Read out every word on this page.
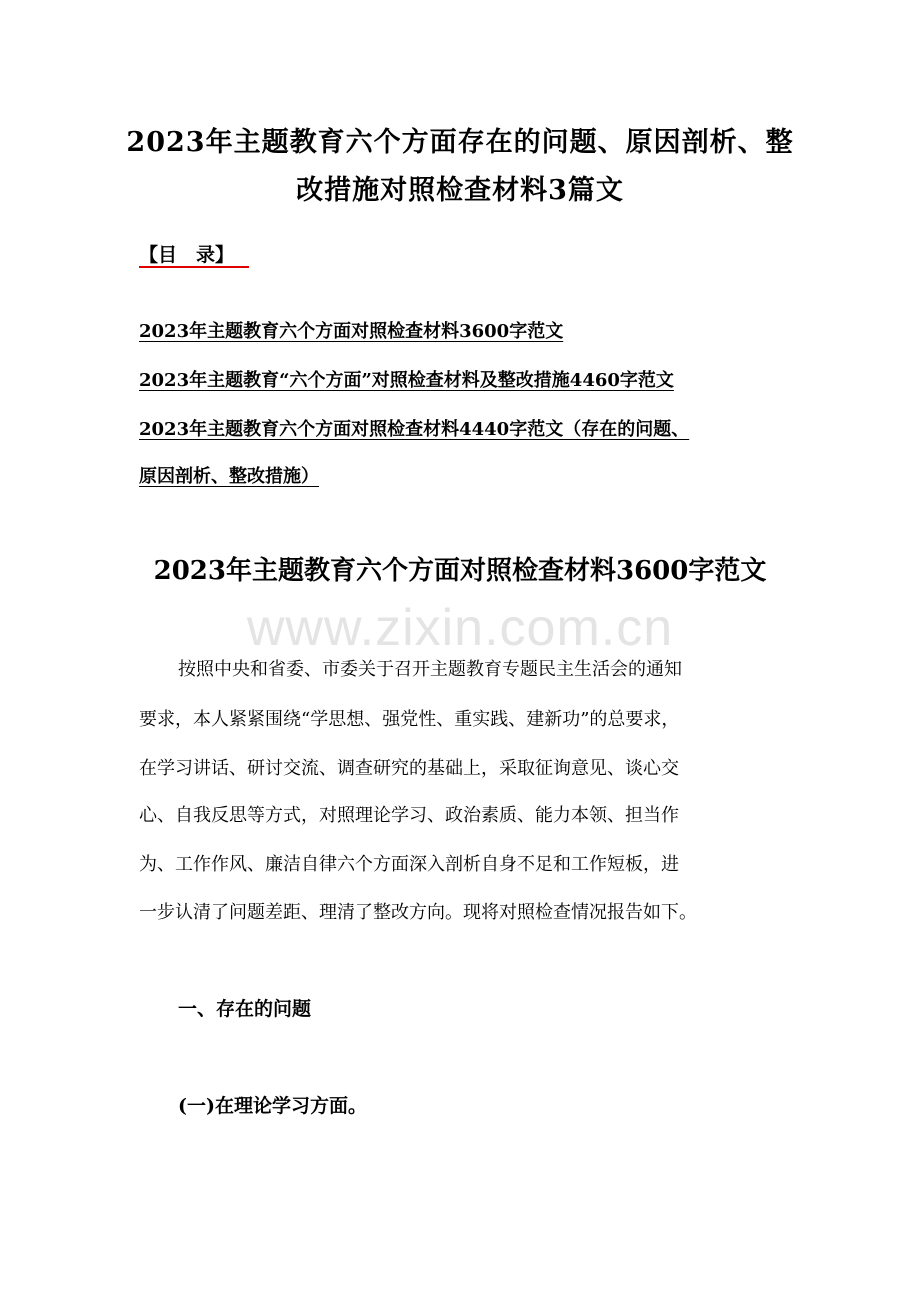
2023年主题教育六个方面存在的问题、原因剖析、整
改措施对照检查材料3篇文
【目　录】
2023年主题教育六个方面对照检查材料3600字范文
2023年主题教育“六个方面”对照检查材料及整改措施4460字范文
2023年主题教育六个方面对照检查材料4440字范文（存在的问题、
原因剖析、整改措施）
2023年主题教育六个方面对照检查材料3600字范文
www.zixin.com.cn
按照中央和省委、市委关于召开主题教育专题民主生活会的通知
要求，本人紧紧围绕“学思想、强党性、重实践、建新功”的总要求，
在学习讲话、研讨交流、调查研究的基础上，采取征询意见、谈心交
心、自我反思等方式，对照理论学习、政治素质、能力本领、担当作
为、工作作风、廉洁自律六个方面深入剖析自身不足和工作短板，进
一步认清了问题差距、理清了整改方向。现将对照检查情况报告如下。
一、存在的问题
(一)在理论学习方面。
